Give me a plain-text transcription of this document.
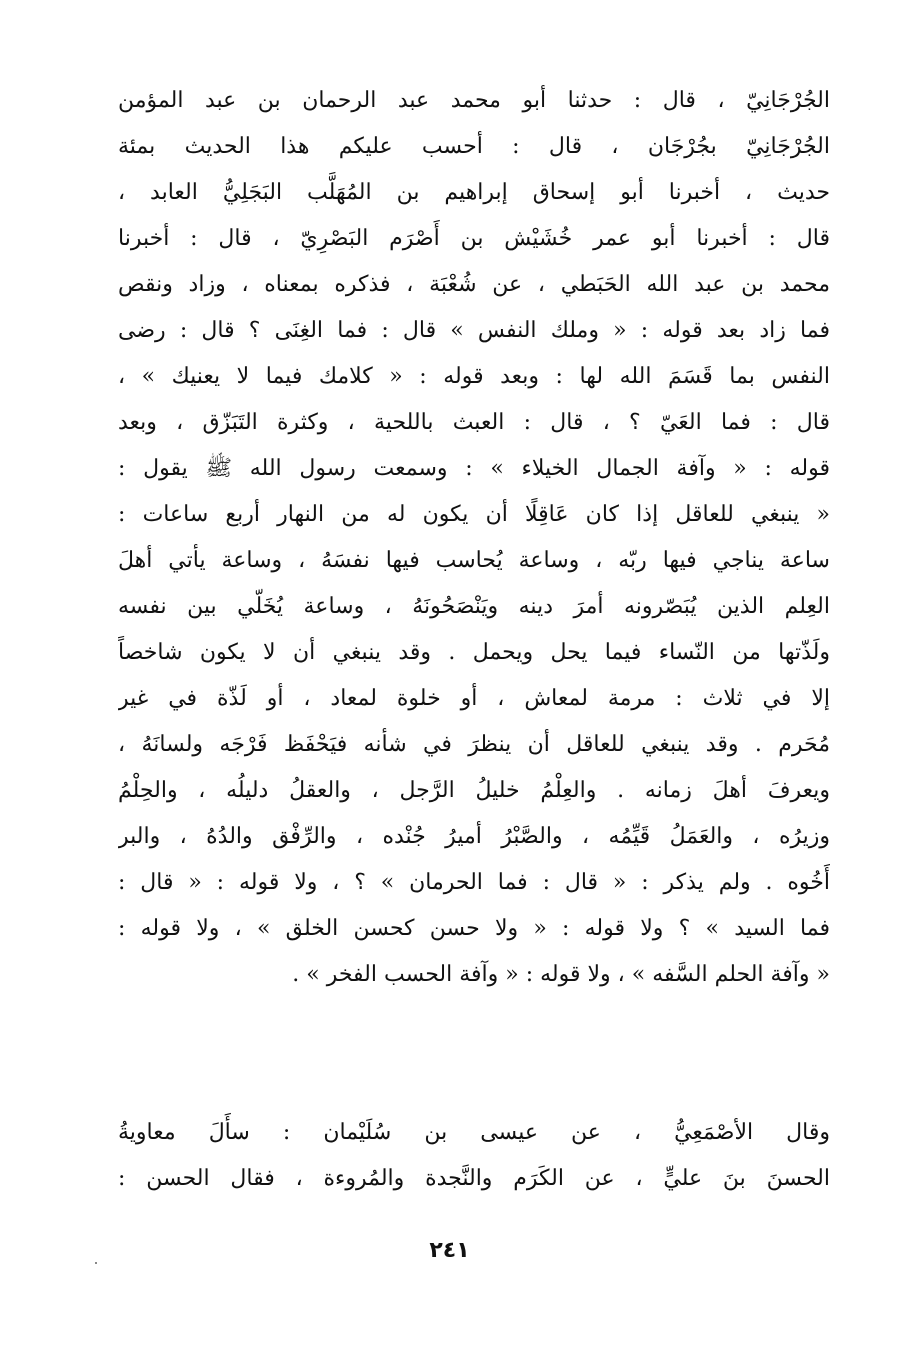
الجُرْجَانِيّ ، قال : حدثنا أبو محمد عبد الرحمان بن عبد المؤمن
الجُرْجَانِيّ بجُرْجَان ، قال : أحسب عليكم هذا الحديث بمئة
حديث ، أخبرنا أبو إسحاق إبراهيم بن المُهَلَّب البَجَلِيُّ العابد ،
قال : أخبرنا أبو عمر خُشَيْش بن أَصْرَم البَصْرِيّ ، قال : أخبرنا
محمد بن عبد الله الحَبَطي ، عن شُعْبَة ، فذكره بمعناه ، وزاد ونقص
فما زاد بعد قوله : « وملك النفس » قال : فما الغِنَى ؟ قال : رضى
النفس بما قَسَمَ الله لها : وبعد قوله : « كلامك فيما لا يعنيك » ،
قال : فما العَيّ ؟ ، قال : العبث باللحية ، وكثرة التَبَزّق ، وبعد
قوله : « وآفة الجمال الخيلاء » : وسمعت رسول الله ﷺ يقول :
« ينبغي للعاقل إذا كان عَاقِلًا أن يكون له من النهار أربع ساعات :
ساعة يناجي فيها ربّه ، وساعة يُحاسب فيها نفسَهُ ، وساعة يأتي أهلَ
العِلم الذين يُبَصّرونه أمرَ دينه ويَنْصَحُونَهُ ، وساعة يُخَلّي بين نفسه
ولَذّتها من النّساء فيما يحل ويحمل . وقد ينبغي أن لا يكون شاخصاً
إلا في ثلاث : مرمة لمعاش ، أو خلوة لمعاد ، أو لَذّة في غير
مُحَرم . وقد ينبغي للعاقل أن ينظرَ في شأنه فيَحْفَظ فَرْجَه ولسانَهُ ،
ويعرفَ أهلَ زمانه . والعِلْمُ خليلُ الرَّجل ، والعقلُ دليلُه ، والحِلْمُ
وزيرُه ، والعَمَلُ قَيِّمُه ، والصَّبْرُ أميرُ جُنْده ، والرِّفْق والدُهُ ، والبر
أَخُوه . ولم يذكر : « قال : فما الحرمان » ؟ ، ولا قوله : « قال :
فما السيد » ؟ ولا قوله : « ولا حسن كحسن الخلق » ، ولا قوله :
« وآفة الحلم السَّفه » ، ولا قوله : « وآفة الحسب الفخر » .
وقال الأصْمَعِيُّ ، عن عيسى بن سُلَيْمان : سأَلَ معاويةُ
الحسنَ بنَ عليٍّ ، عن الكَرَم والنَّجدة والمُروءة ، فقال الحسن :
٢٤١
